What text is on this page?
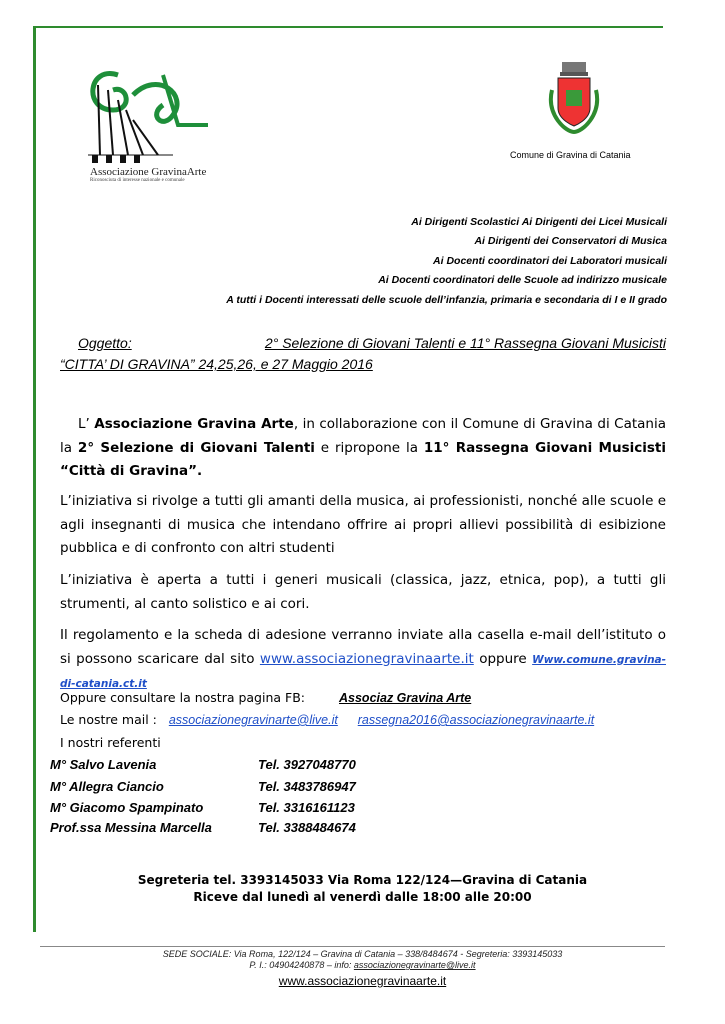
Associazione GravinaArte
Riconosciuta di interesse nazionale e comunale
Comune di Gravina di Catania
Ai Dirigenti Scolastici Ai Dirigenti dei Licei Musicali
Ai Dirigenti dei Conservatori di Musica
Ai Docenti coordinatori dei Laboratori musicali
Ai Docenti coordinatori delle Scuole ad indirizzo musicale
A tutti i Docenti interessati delle scuole dell’infanzia, primaria e secondaria di I e II grado
Oggetto:	2° Selezione di Giovani Talenti e 11° Rassegna Giovani Musicisti
“CITTA’ DI GRAVINA” 24,25,26, e 27 Maggio 2016
L’ Associazione Gravina Arte, in collaborazione con il Comune di Gravina di Catania la 2° Selezione di Giovani Talenti e ripropone la 11° Rassegna Giovani Musicisti “Città di Gravina”.
L’iniziativa si rivolge a tutti gli amanti della musica, ai professionisti, nonché alle scuole e agli insegnanti di musica che intendano offrire ai propri allievi possibilità di esibizione pubblica e di confronto con altri studenti
L’iniziativa è aperta a tutti i generi musicali (classica, jazz, etnica, pop), a tutti gli strumenti, al canto solistico e ai cori.
Il regolamento e la scheda di adesione verranno inviate alla casella e-mail dell’istituto o si possono scaricare dal sito www.associazionegravinaarte.it oppure Www.comune.gravina-di-catania.ct.it
Oppure consultare la nostra pagina FB:	Associaz Gravina Arte
Le nostre mail : associazionegravinarte@live.it rassegna2016@associazionegravinaarte.it
I nostri referenti
M° Salvo Lavenia	Tel. 3927048770
M° Allegra Ciancio	Tel. 3483786947
M° Giacomo Spampinato	Tel. 3316161123
Prof.ssa Messina Marcella	Tel. 3388484674
Segreteria tel. 3393145033 Via Roma 122/124—Gravina di Catania
Riceve dal lunedì al venerdì dalle 18:00 alle 20:00
SEDE SOCIALE: Via Roma, 122/124 – Gravina di Catania – 338/8484674 - Segreteria: 3393145033
P. I.: 04904240878 – info: associazionegravinarte@live.it
www.associazionegravinaarte.it
